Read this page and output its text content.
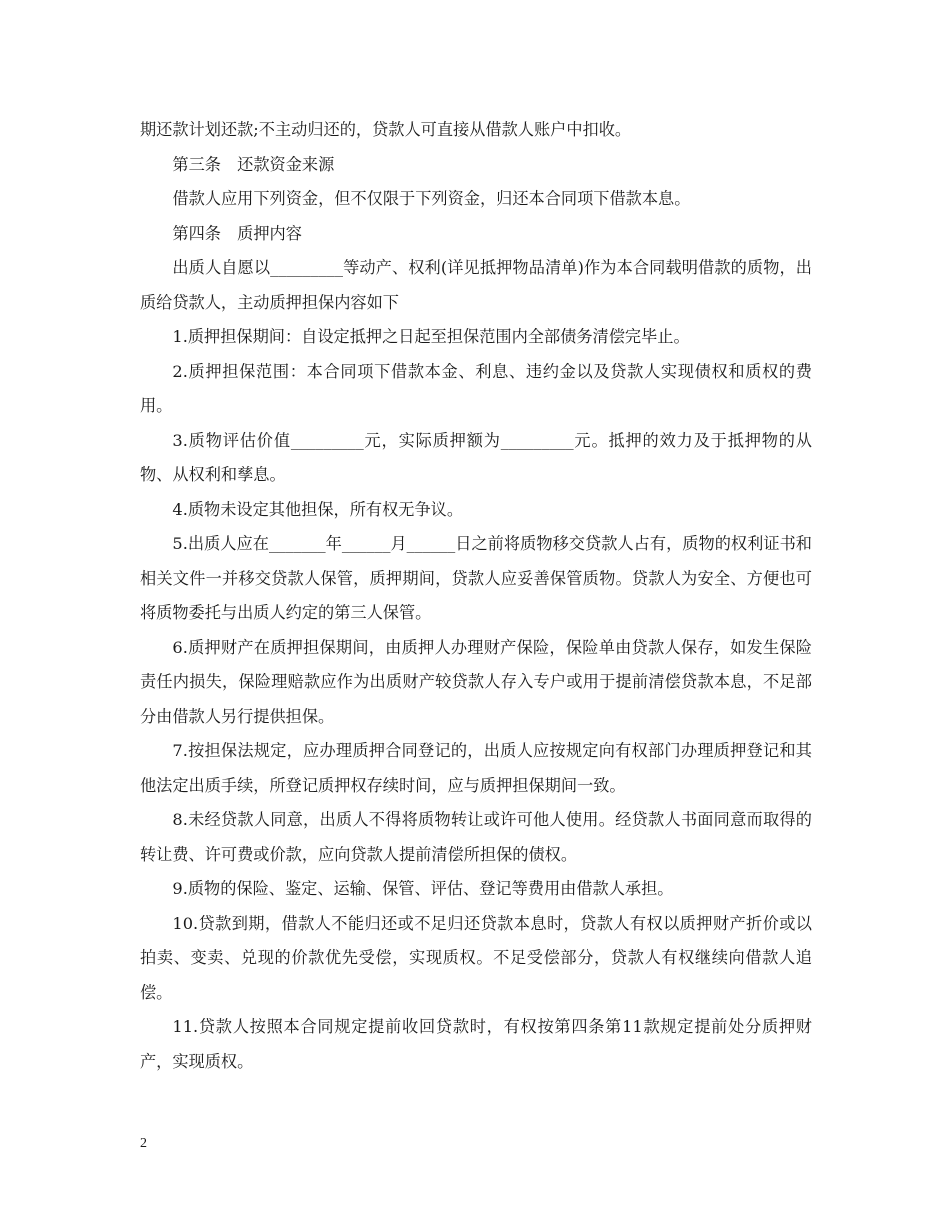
期还款计划还款;不主动归还的，贷款人可直接从借款人账户中扣收。

第三条　还款资金来源

借款人应用下列资金，但不仅限于下列资金，归还本合同项下借款本息。

第四条　质押内容

出质人自愿以_________等动产、权利(详见抵押物品清单)作为本合同载明借款的质物，出质给贷款人，主动质押担保内容如下

1.质押担保期间：自设定抵押之日起至担保范围内全部债务清偿完毕止。

2.质押担保范围：本合同项下借款本金、利息、违约金以及贷款人实现债权和质权的费用。

3.质物评估价值_________元，实际质押额为_________元。抵押的效力及于抵押物的从物、从权利和孳息。

4.质物未设定其他担保，所有权无争议。

5.出质人应在_______年______月______日之前将质物移交贷款人占有，质物的权利证书和相关文件一并移交贷款人保管，质押期间，贷款人应妥善保管质物。贷款人为安全、方便也可将质物委托与出质人约定的第三人保管。

6.质押财产在质押担保期间，由质押人办理财产保险，保险单由贷款人保存，如发生保险责任内损失，保险理赔款应作为出质财产较贷款人存入专户或用于提前清偿贷款本息，不足部分由借款人另行提供担保。

7.按担保法规定，应办理质押合同登记的，出质人应按规定向有权部门办理质押登记和其他法定出质手续，所登记质押权存续时间，应与质押担保期间一致。

8.未经贷款人同意，出质人不得将质物转让或许可他人使用。经贷款人书面同意而取得的转让费、许可费或价款，应向贷款人提前清偿所担保的债权。

9.质物的保险、鉴定、运输、保管、评估、登记等费用由借款人承担。

10.贷款到期，借款人不能归还或不足归还贷款本息时，贷款人有权以质押财产折价或以拍卖、变卖、兑现的价款优先受偿，实现质权。不足受偿部分，贷款人有权继续向借款人追偿。

11.贷款人按照本合同规定提前收回贷款时，有权按第四条第11款规定提前处分质押财产，实现质权。

2
